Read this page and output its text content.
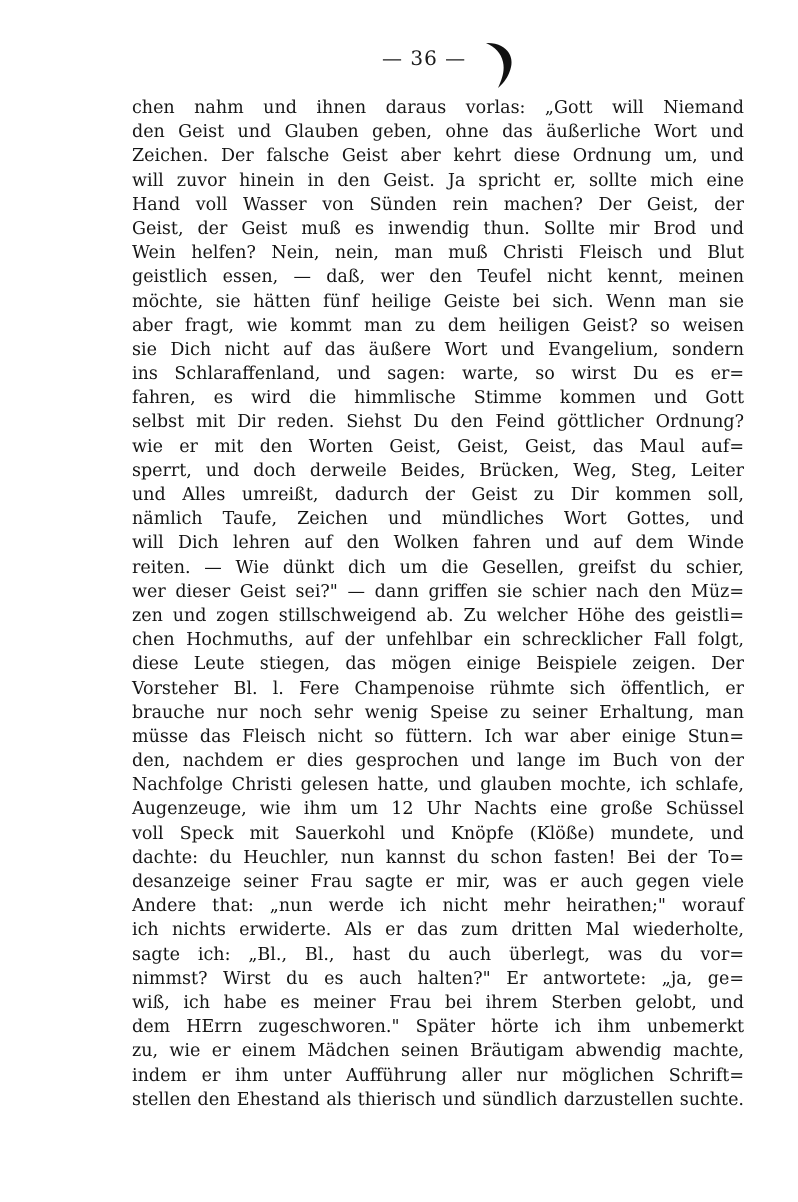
— 36 —
chen nahm und ihnen daraus vorlas: „Gott will Niemand
den Geist und Glauben geben, ohne das äußerliche Wort und
Zeichen. Der falsche Geist aber kehrt diese Ordnung um, und
will zuvor hinein in den Geist. Ja spricht er, sollte mich eine
Hand voll Wasser von Sünden rein machen? Der Geist, der
Geist, der Geist muß es inwendig thun. Sollte mir Brod und
Wein helfen? Nein, nein, man muß Christi Fleisch und Blut
geistlich essen, — daß, wer den Teufel nicht kennt, meinen
möchte, sie hätten fünf heilige Geiste bei sich. Wenn man sie
aber fragt, wie kommt man zu dem heiligen Geist? so weisen
sie Dich nicht auf das äußere Wort und Evangelium, sondern
ins Schlaraffenland, und sagen: warte, so wirst Du es er=
fahren, es wird die himmlische Stimme kommen und Gott
selbst mit Dir reden. Siehst Du den Feind göttlicher Ordnung?
wie er mit den Worten Geist, Geist, Geist, das Maul auf=
sperrt, und doch derweile Beides, Brücken, Weg, Steg, Leiter
und Alles umreißt, dadurch der Geist zu Dir kommen soll,
nämlich Taufe, Zeichen und mündliches Wort Gottes, und
will Dich lehren auf den Wolken fahren und auf dem Winde
reiten. — Wie dünkt dich um die Gesellen, greifst du schier,
wer dieser Geist sei?" — dann griffen sie schier nach den Müz=
zen und zogen stillschweigend ab. Zu welcher Höhe des geistli=
chen Hochmuths, auf der unfehlbar ein schrecklicher Fall folgt,
diese Leute stiegen, das mögen einige Beispiele zeigen. Der
Vorsteher Bl. l. Fere Champenoise rühmte sich öffentlich, er
brauche nur noch sehr wenig Speise zu seiner Erhaltung, man
müsse das Fleisch nicht so füttern. Ich war aber einige Stun=
den, nachdem er dies gesprochen und lange im Buch von der
Nachfolge Christi gelesen hatte, und glauben mochte, ich schlafe,
Augenzeuge, wie ihm um 12 Uhr Nachts eine große Schüssel
voll Speck mit Sauerkohl und Knöpfe (Klöße) mundete, und
dachte: du Heuchler, nun kannst du schon fasten! Bei der To=
desanzeige seiner Frau sagte er mir, was er auch gegen viele
Andere that: „nun werde ich nicht mehr heirathen;" worauf
ich nichts erwiderte. Als er das zum dritten Mal wiederholte,
sagte ich: „Bl., Bl., hast du auch überlegt, was du vor=
nimmst? Wirst du es auch halten?" Er antwortete: „ja, ge=
wiß, ich habe es meiner Frau bei ihrem Sterben gelobt, und
dem HErrn zugeschworen." Später hörte ich ihm unbemerkt
zu, wie er einem Mädchen seinen Bräutigam abwendig machte,
indem er ihm unter Aufführung aller nur möglichen Schrift=
stellen den Ehestand als thierisch und sündlich darzustellen suchte.
